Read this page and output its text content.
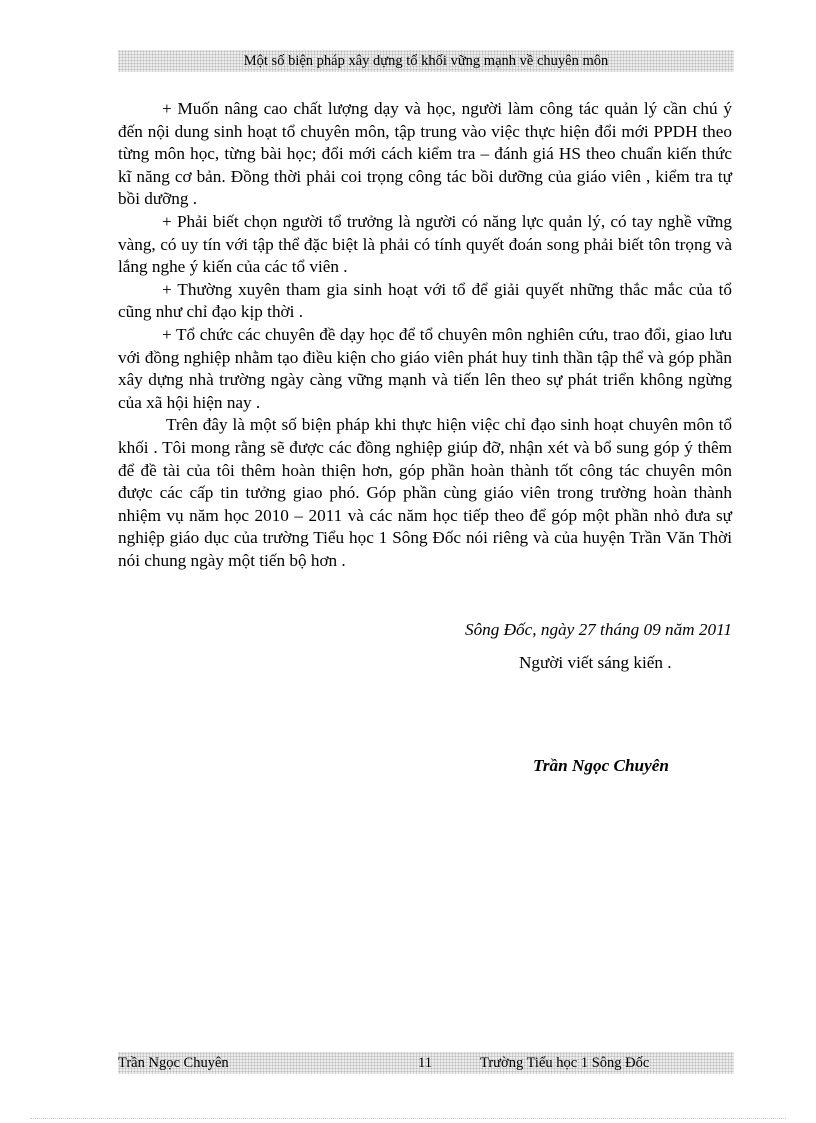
Một số biện pháp xây dựng tổ khối vững mạnh về chuyên môn

+ Muốn nâng cao chất lượng dạy và học, người làm công tác quản lý cần chú ý đến nội dung sinh hoạt tổ chuyên môn, tập trung vào việc thực hiện đổi mới PPDH theo từng môn học, từng bài học; đổi mới cách kiểm tra – đánh giá HS theo chuẩn kiến thức kĩ năng cơ bản. Đồng thời phải coi trọng công tác bồi dưỡng của giáo viên , kiểm tra tự bồi dưỡng .

+ Phải biết chọn người tổ trưởng là người có năng lực quản lý, có tay nghề vững vàng, có uy tín với tập thể đặc biệt là phải có tính quyết đoán song phải biết tôn trọng và lắng nghe ý kiến của các tổ viên .

+ Thường xuyên tham gia sinh hoạt với tổ để giải quyết những thắc mắc của tổ cũng như chỉ đạo kịp thời .

+ Tổ chức các chuyên đề dạy học để tổ chuyên môn nghiên cứu, trao đổi, giao lưu với đồng nghiệp nhằm tạo điều kiện cho giáo viên phát huy tinh thần tập thể và góp phần xây dựng nhà trường ngày càng vững mạnh và tiến lên theo sự phát triển không ngừng của xã hội hiện nay .

Trên đây là một số biện pháp khi thực hiện việc chỉ đạo sinh hoạt chuyên môn tổ khối . Tôi mong rằng sẽ được các đồng nghiệp giúp đỡ, nhận xét và bổ sung góp ý thêm để đề tài của tôi thêm hoàn thiện hơn, góp phần hoàn thành tốt công tác chuyên môn được các cấp tin tưởng giao phó. Góp phần cùng giáo viên trong trường hoàn thành nhiệm vụ năm học 2010 – 2011 và các năm học tiếp theo để góp một phần nhỏ đưa sự nghiệp giáo dục của trường Tiểu học 1 Sông Đốc nói riêng và của huyện Trần Văn Thời nói chung ngày một tiến bộ hơn .

Sông Đốc, ngày 27 tháng 09 năm 2011
Người viết sáng kiến .
Trần Ngọc Chuyên
Trần Ngọc Chuyên	11	Trường Tiểu học 1 Sông Đốc
